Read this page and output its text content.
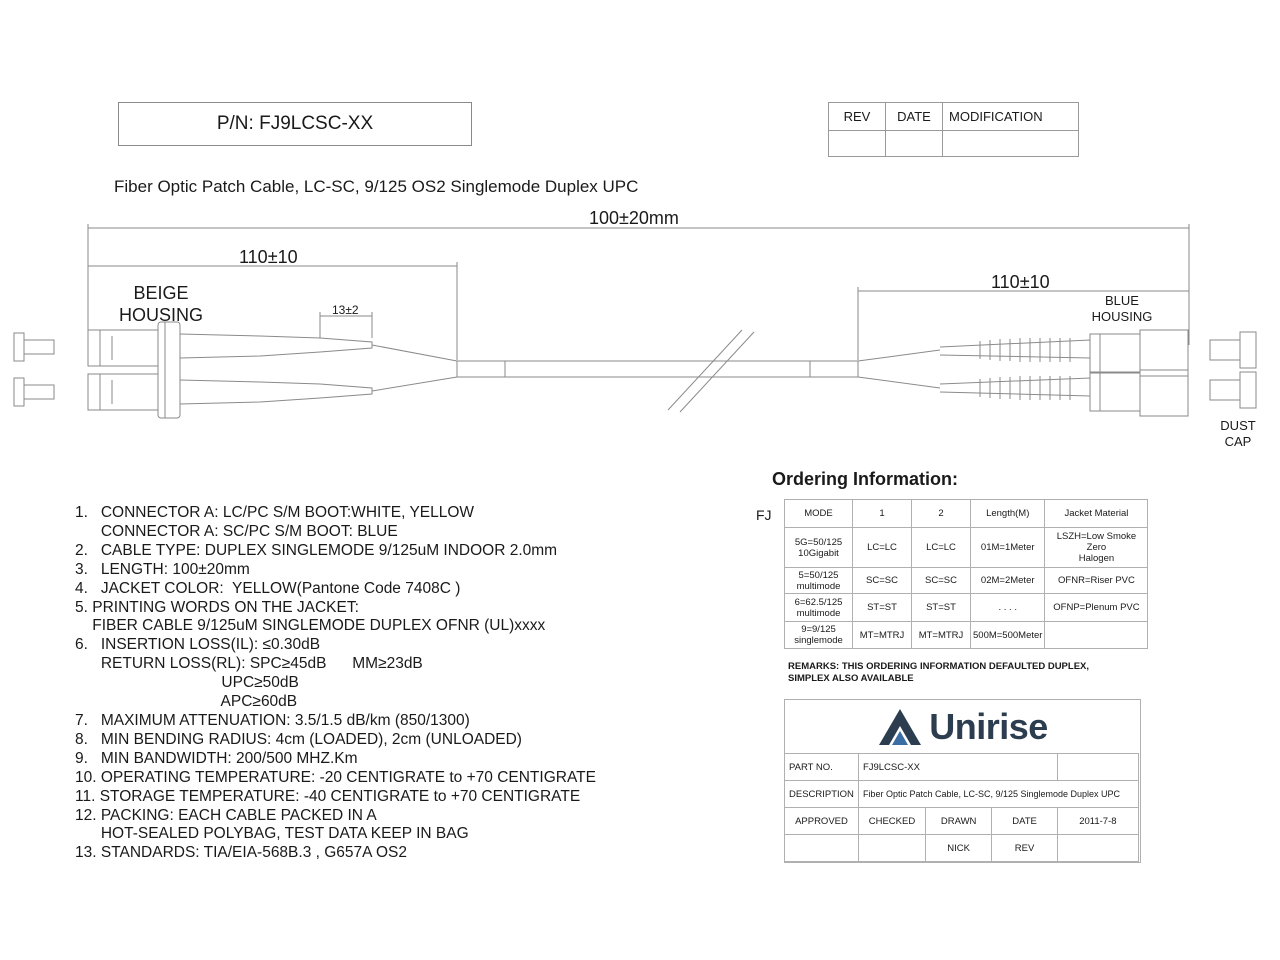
P/N: FJ9LCSC-XX	REV	DATE	MODIFICATION

Fiber Optic Patch Cable, LC-SC, 9/125 OS2 Singlemode Duplex UPC
100±20mm
110±10
110±10
13±2
BEIGE
HOUSING
BLUE
HOUSING
DUST
CAP
1.   CONNECTOR A: LC/PC S/M BOOT:WHITE, YELLOW
CONNECTOR A: SC/PC S/M BOOT: BLUE
2.   CABLE TYPE: DUPLEX SINGLEMODE 9/125uM INDOOR 2.0mm
3.   LENGTH: 100±20mm
4.   JACKET COLOR:  YELLOW(Pantone Code 7408C )
5. PRINTING WORDS ON THE JACKET:
FIBER CABLE 9/125uM SINGLEMODE DUPLEX OFNR (UL)xxxx
6.   INSERTION LOSS(IL): ≤0.30dB
RETURN LOSS(RL): SPC≥45dB      MM≥23dB
UPC≥50dB
APC≥60dB
7.   MAXIMUM ATTENUATION: 3.5/1.5 dB/km (850/1300)
8.   MIN BENDING RADIUS: 4cm (LOADED), 2cm (UNLOADED)
9.   MIN BANDWIDTH: 200/500 MHZ.Km
10. OPERATING TEMPERATURE: -20 CENTIGRATE to +70 CENTIGRATE
11. STORAGE TEMPERATURE: -40 CENTIGRATE to +70 CENTIGRATE
12. PACKING: EACH CABLE PACKED IN A
HOT-SEALED POLYBAG, TEST DATA KEEP IN BAG
13. STANDARDS: TIA/EIA-568B.3 , G657A OS2
Ordering Information:
FJ	MODE	1	2	Length(M)	Jacket Material
5G=50/125
10Gigabit	LC=LC	LC=LC	01M=1Meter	LSZH=Low Smoke Zero
Halogen
5=50/125
multimode	SC=SC	SC=SC	02M=2Meter	OFNR=Riser PVC
6=62.5/125
multimode	ST=ST	ST=ST	. . . .	OFNP=Plenum PVC
9=9/125
singlemode	MT=MTRJ	MT=MTRJ	500M=500Meter	
REMARKS: THIS ORDERING INFORMATION DEFAULTED DUPLEX,
SIMPLEX ALSO AVAILABLE
Unirise
PART NO.	FJ9LCSC-XX			
DESCRIPTION	Fiber Optic Patch Cable, LC-SC, 9/125 Singlemode Duplex UPC			
APPROVED	CHECKED	DRAWN	DATE	2011-7-8
		NICK	REV	
